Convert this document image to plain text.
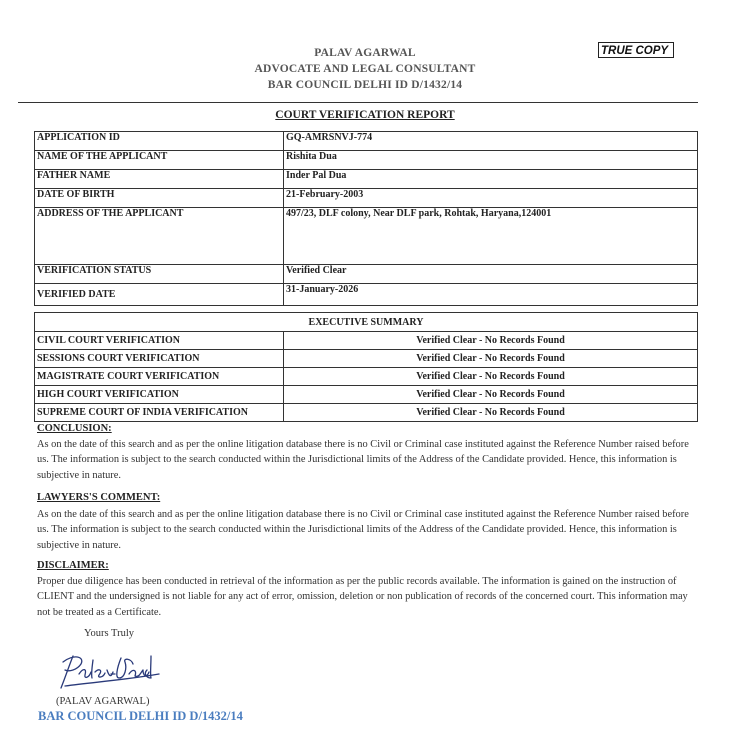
PALAV AGARWAL
ADVOCATE AND LEGAL CONSULTANT
BAR COUNCIL DELHI ID D/1432/14
TRUE COPY
COURT VERIFICATION REPORT
APPLICATION ID	GQ-AMRSNVJ-774
NAME OF THE APPLICANT	Rishita Dua
FATHER NAME	Inder Pal Dua
DATE OF BIRTH	21-February-2003
ADDRESS OF THE APPLICANT	497/23, DLF colony, Near DLF park, Rohtak, Haryana,124001
VERIFICATION STATUS	Verified Clear
VERIFIED DATE	31-January-2026
EXECUTIVE SUMMARY	
CIVIL COURT VERIFICATION	Verified Clear - No Records Found
SESSIONS COURT VERIFICATION	Verified Clear - No Records Found
MAGISTRATE COURT VERIFICATION	Verified Clear - No Records Found
HIGH COURT VERIFICATION	Verified Clear - No Records Found
SUPREME COURT OF INDIA VERIFICATION	Verified Clear - No Records Found
CONCLUSION:
As on the date of this search and as per the online litigation database there is no Civil or Criminal case instituted against the Reference Number raised before us. The information is subject to the search conducted within the Jurisdictional limits of the Address of the Candidate provided. Hence, this information is subjective in nature.
LAWYERS'S COMMENT:
As on the date of this search and as per the online litigation database there is no Civil or Criminal case instituted against the Reference Number raised before us. The information is subject to the search conducted within the Jurisdictional limits of the Address of the Candidate provided. Hence, this information is subjective in nature.
DISCLAIMER:
Proper due diligence has been conducted in retrieval of the information as per the public records available. The information is gained on the instruction of CLIENT and the undersigned is not liable for any act of error, omission, deletion or non publication of records of the concerned court. This information may not be treated as a Certificate.
Yours Truly
(PALAV AGARWAL)
BAR COUNCIL DELHI ID D/1432/14
